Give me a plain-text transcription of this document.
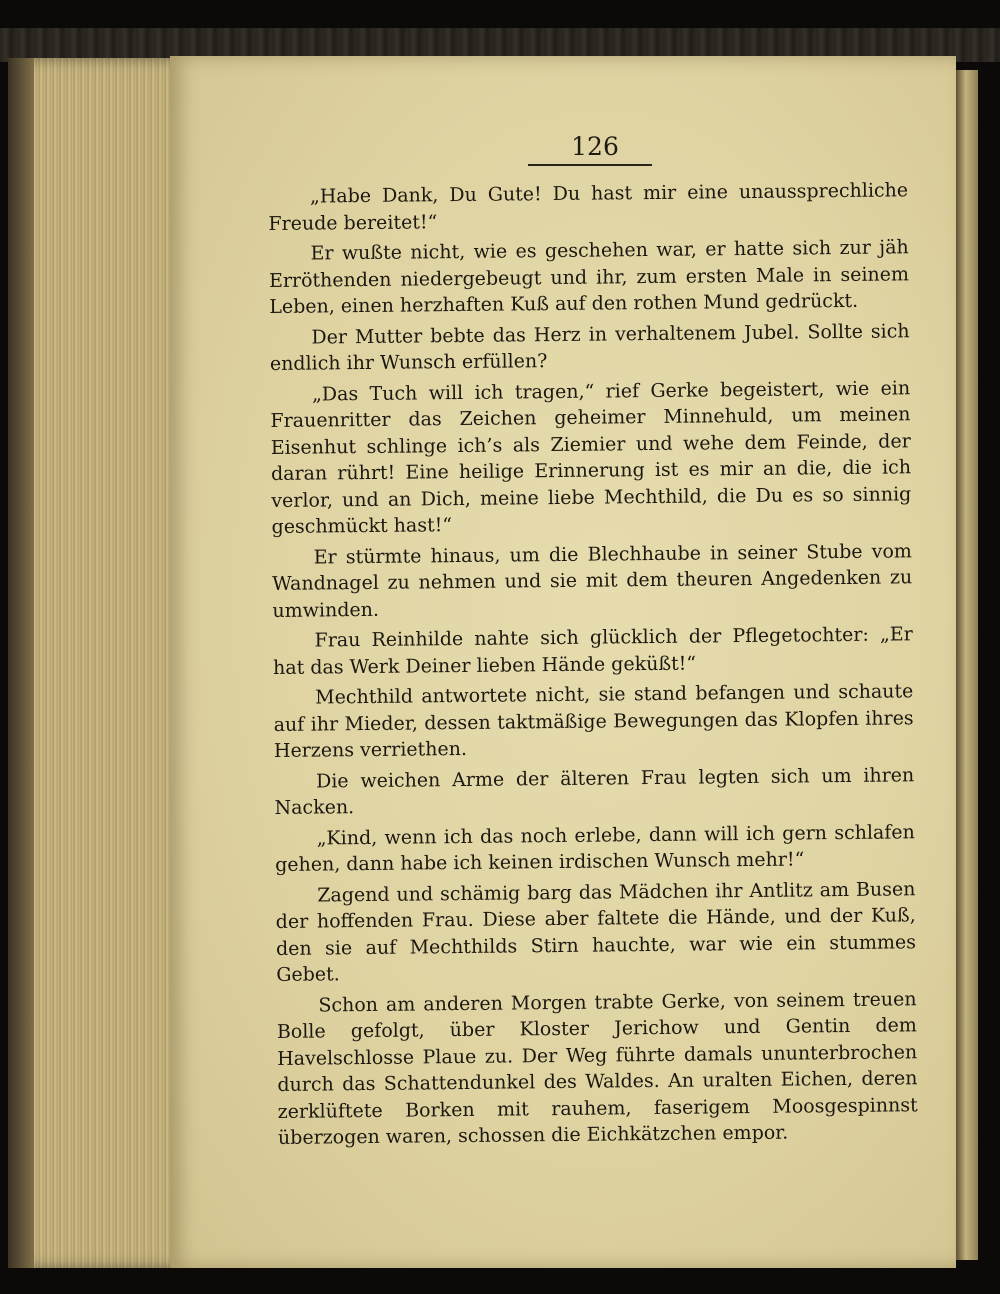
126

„Habe Dank, Du Gute! Du hast mir eine unaussprechliche Freude bereitet!“

Er wußte nicht, wie es geschehen war, er hatte sich zur jäh Erröthenden niedergebeugt und ihr, zum ersten Male in seinem Leben, einen herzhaften Kuß auf den rothen Mund gedrückt.

Der Mutter bebte das Herz in verhaltenem Jubel. Sollte sich endlich ihr Wunsch erfüllen?

„Das Tuch will ich tragen,“ rief Gerke begeistert, wie ein Frauenritter das Zeichen geheimer Minnehuld, um meinen Eisenhut schlinge ich’s als Ziemier und wehe dem Feinde, der daran rührt! Eine heilige Erinnerung ist es mir an die, die ich verlor, und an Dich, meine liebe Mechthild, die Du es so sinnig geschmückt hast!“

Er stürmte hinaus, um die Blechhaube in seiner Stube vom Wandnagel zu nehmen und sie mit dem theuren Angedenken zu umwinden.

Frau Reinhilde nahte sich glücklich der Pflegetochter: „Er hat das Werk Deiner lieben Hände geküßt!“

Mechthild antwortete nicht, sie stand befangen und schaute auf ihr Mieder, dessen taktmäßige Bewegungen das Klopfen ihres Herzens verriethen.

Die weichen Arme der älteren Frau legten sich um ihren Nacken.

„Kind, wenn ich das noch erlebe, dann will ich gern schlafen gehen, dann habe ich keinen irdischen Wunsch mehr!“

Zagend und schämig barg das Mädchen ihr Antlitz am Busen der hoffenden Frau. Diese aber faltete die Hände, und der Kuß, den sie auf Mechthilds Stirn hauchte, war wie ein stummes Gebet.

Schon am anderen Morgen trabte Gerke, von seinem treuen Bolle gefolgt, über Kloster Jerichow und Gentin dem Havelschlosse Plaue zu. Der Weg führte damals ununterbrochen durch das Schattendunkel des Waldes. An uralten Eichen, deren zerklüftete Borken mit rauhem, faserigem Moosgespinnst überzogen waren, schossen die Eichkätzchen empor.
